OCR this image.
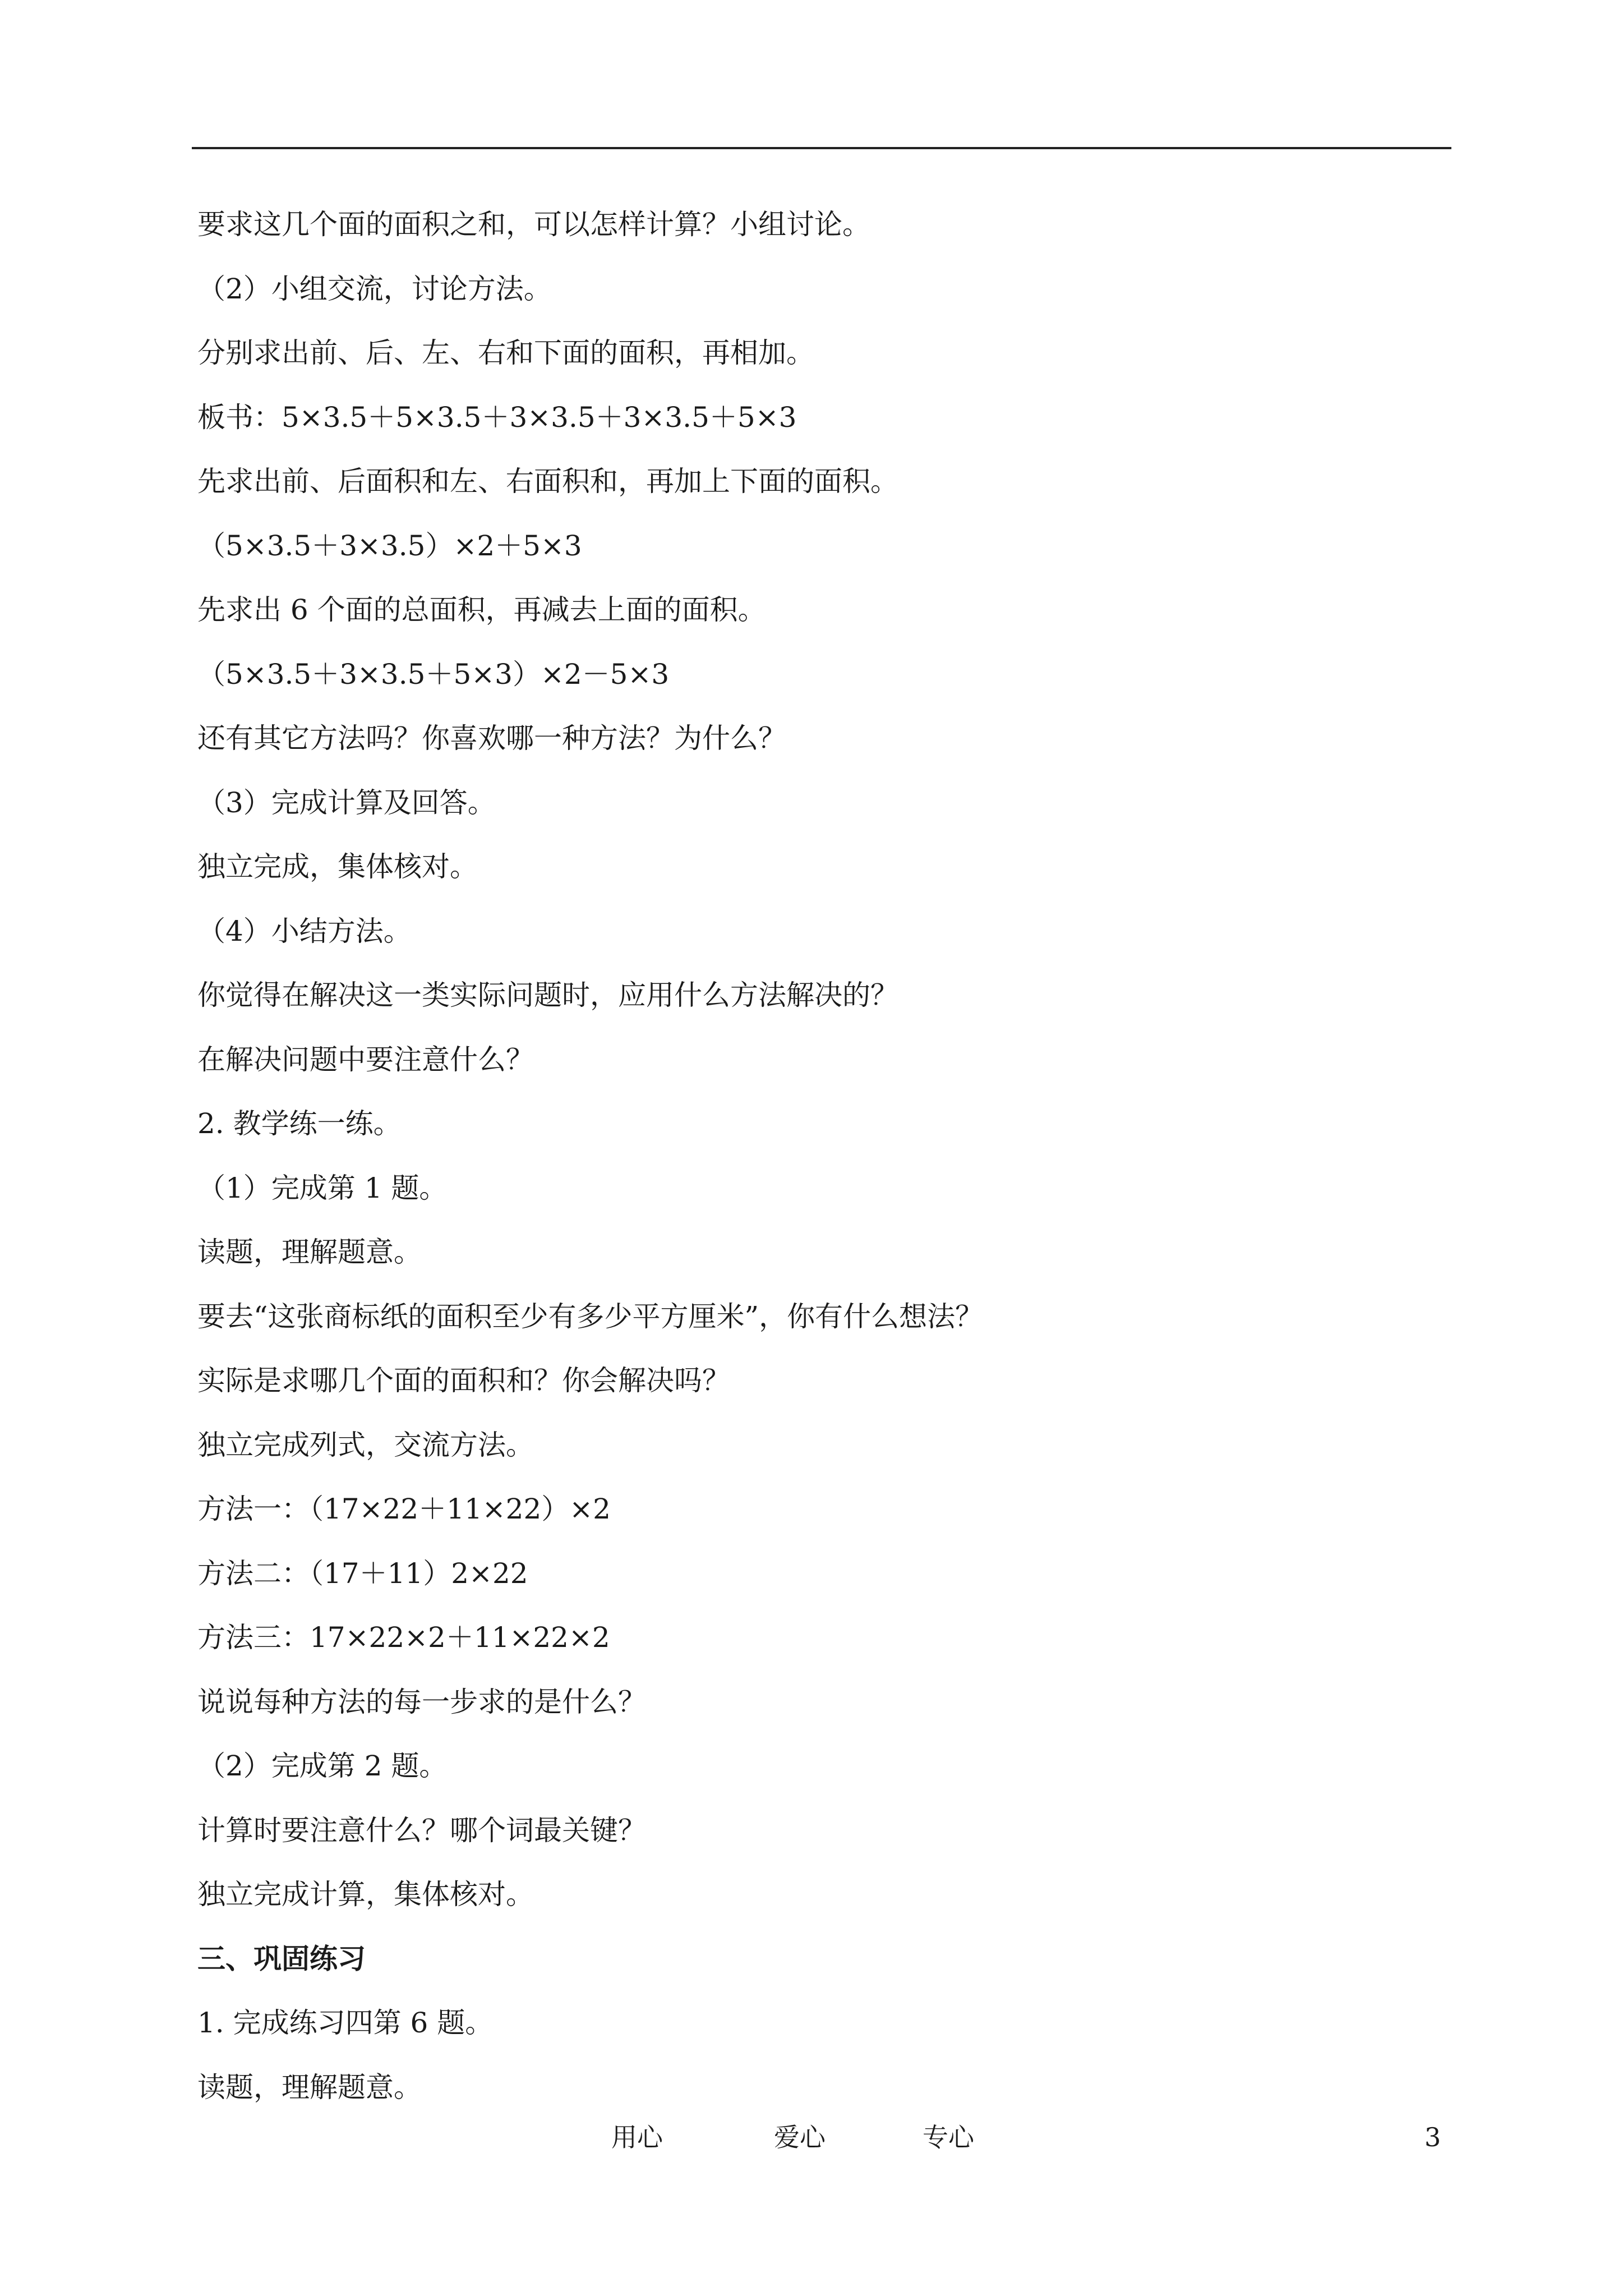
要求这几个面的面积之和，可以怎样计算？小组讨论。
（2）小组交流，讨论方法。
分别求出前、后、左、右和下面的面积，再相加。
板书：5×3.5＋5×3.5＋3×3.5＋3×3.5＋5×3
先求出前、后面积和左、右面积和，再加上下面的面积。
（5×3.5＋3×3.5）×2＋5×3
先求出 6 个面的总面积，再减去上面的面积。
（5×3.5＋3×3.5＋5×3）×2－5×3
还有其它方法吗？你喜欢哪一种方法？为什么？
（3）完成计算及回答。
独立完成，集体核对。
（4）小结方法。
你觉得在解决这一类实际问题时，应用什么方法解决的？
在解决问题中要注意什么？
2. 教学练一练。
（1）完成第 1 题。
读题，理解题意。
要去“这张商标纸的面积至少有多少平方厘米”，你有什么想法？
实际是求哪几个面的面积和？你会解决吗？
独立完成列式，交流方法。
方法一：（17×22＋11×22）×2
方法二：（17＋11）2×22
方法三：17×22×2＋11×22×2
说说每种方法的每一步求的是什么？
（2）完成第 2 题。
计算时要注意什么？哪个词最关键？
独立完成计算，集体核对。
三、巩固练习
1. 完成练习四第 6 题。
读题，理解题意。
用心	爱心	专心	3
